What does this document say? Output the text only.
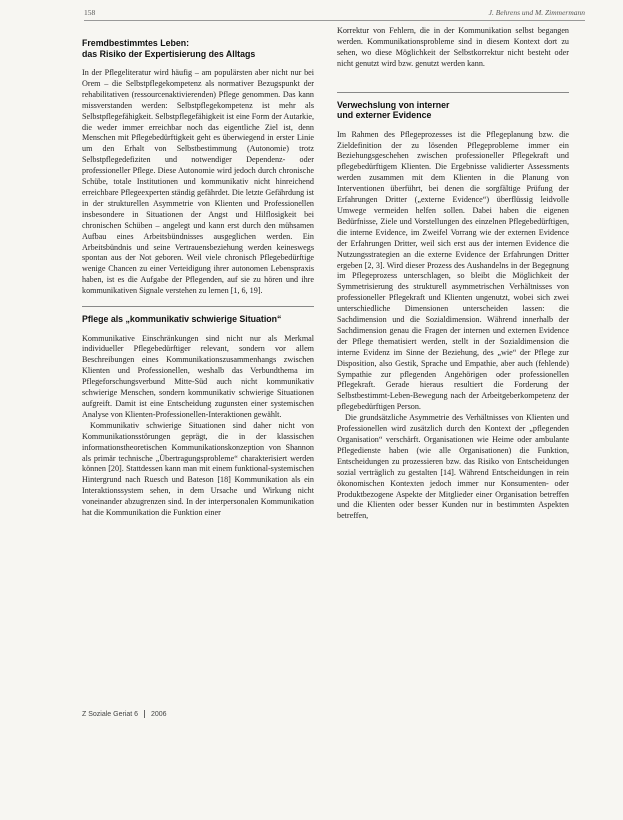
158	J. Behrens und M. Zimmermann
Fremdbestimmtes Leben:
das Risiko der Expertisierung des Alltags

In der Pflegeliteratur wird häufig – am populärsten aber nicht nur bei Orem – die Selbstpflegekompetenz als normativer Bezugspunkt der rehabilitativen (ressourcenaktivierenden) Pflege genommen. Das kann missverstanden werden: Selbstpflegekompetenz ist mehr als Selbstpflegefähigkeit. Selbstpflegefähigkeit ist eine Form der Autarkie, die weder immer erreichbar noch das eigentliche Ziel ist, denn Menschen mit Pflegebedürftigkeit geht es überwiegend in erster Linie um den Erhalt von Selbstbestimmung (Autonomie) trotz Selbstpflegedefiziten und notwendiger Dependenz- oder professioneller Pflege. Diese Autonomie wird jedoch durch chronische Schübe, totale Institutionen und kommunikativ nicht hinreichend erreichbare Pflegeexperten ständig gefährdet. Die letzte Gefährdung ist in der strukturellen Asymmetrie von Klienten und Professionellen insbesondere in Situationen der Angst und Hilflosigkeit bei chronischen Schüben – angelegt und kann erst durch den mühsamen Aufbau eines Arbeitsbündnisses ausgeglichen werden. Ein Arbeitsbündnis und seine Vertrauensbeziehung werden keineswegs spontan aus der Not geboren. Weil viele chronisch Pflegebedürftige wenige Chancen zu einer Verteidigung ihrer autonomen Lebenspraxis haben, ist es die Aufgabe der Pflegenden, auf sie zu hören und ihre kommunikativen Signale verstehen zu lernen [1, 6, 19].

Pflege als „kommunikativ schwierige Situation“

Kommunikative Einschränkungen sind nicht nur als Merkmal individueller Pflegebedürftiger relevant, sondern vor allem Beschreibungen eines Kommunikationszusammenhangs zwischen Klienten und Professionellen, weshalb das Verbundthema im Pflegeforschungsverbund Mitte-Süd auch nicht kommunikativ schwierige Menschen, sondern kommunikativ schwierige Situationen aufgreift. Damit ist eine Entscheidung zugunsten einer systemischen Analyse von Klienten-Professionellen-Interaktionen gewählt.

Kommunikativ schwierige Situationen sind daher nicht von Kommunikationsstörungen geprägt, die in der klassischen informationstheoretischen Kommunikationskonzeption von Shannon als primär technische „Übertragungsprobleme“ charakterisiert werden können [20]. Stattdessen kann man mit einem funktional-systemischen Hintergrund nach Ruesch und Bateson [18] Kommunikation als ein Interaktionssystem sehen, in dem Ursache und Wirkung nicht voneinander abzugrenzen sind. In der interpersonalen Kommunikation hat die Kommunikation die Funktion einer

Korrektur von Fehlern, die in der Kommunikation selbst begangen werden. Kommunikationsprobleme sind in diesem Kontext dort zu sehen, wo diese Möglichkeit der Selbstkorrektur nicht besteht oder nicht genutzt wird bzw. genutzt werden kann.

Verwechslung von interner
und externer Evidence

Im Rahmen des Pflegeprozesses ist die Pflegeplanung bzw. die Zieldefinition der zu lösenden Pflegeprobleme immer ein Beziehungsgeschehen zwischen professioneller Pflegekraft und pflegebedürftigem Klienten. Die Ergebnisse validierter Assessments werden zusammen mit dem Klienten in die Planung von Interventionen überführt, bei denen die sorgfältige Prüfung der Erfahrungen Dritter („externe Evidence“) überflüssig leidvolle Umwege vermeiden helfen sollen. Dabei haben die eigenen Bedürfnisse, Ziele und Vorstellungen des einzelnen Pflegebedürftigen, die interne Evidence, im Zweifel Vorrang wie der externen Evidence der Erfahrungen Dritter, weil sich erst aus der internen Evidence die Nutzungsstrategien an die externe Evidence der Erfahrungen Dritter ergeben [2, 3]. Wird dieser Prozess des Aushandelns in der Begegnung im Pflegeprozess unterschlagen, so bleibt die Möglichkeit der Symmetrisierung des strukturell asymmetrischen Verhältnisses von professioneller Pflegekraft und Klienten ungenutzt, wobei sich zwei unterschiedliche Dimensionen unterscheiden lassen: die Sachdimension und die Sozialdimension. Während innerhalb der Sachdimension genau die Fragen der internen und externen Evidence der Pflege thematisiert werden, stellt in der Sozialdimension die interne Evidenz im Sinne der Beziehung, des „wie“ der Pflege zur Disposition, also Gestik, Sprache und Empathie, aber auch (fehlende) Sympathie zur pflegenden Angehörigen oder professionellen Pflegekraft. Gerade hieraus resultiert die Forderung der Selbstbestimmt-Leben-Bewegung nach der Arbeitgeberkompetenz der pflegebedürftigen Person.

Die grundsätzliche Asymmetrie des Verhältnisses von Klienten und Professionellen wird zusätzlich durch den Kontext der „pflegenden Organisation“ verschärft. Organisationen wie Heime oder ambulante Pflegedienste haben (wie alle Organisationen) die Funktion, Entscheidungen zu prozessieren bzw. das Risiko von Entscheidungen sozial verträglich zu gestalten [14]. Während Entscheidungen in rein ökonomischen Kontexten jedoch immer nur Konsumenten- oder Produktbezogene Aspekte der Mitglieder einer Organisation betreffen und die Klienten oder besser Kunden nur in bestimmten Aspekten betreffen,

Z Soziale Geriat 6 2006
